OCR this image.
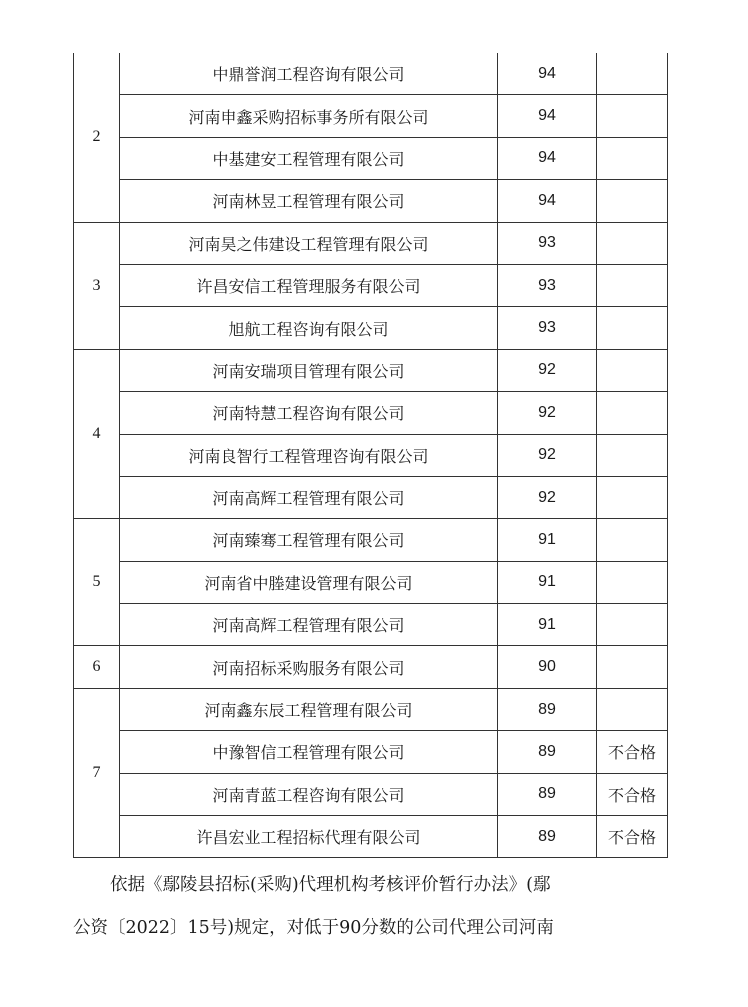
2	中鼎誉润工程咨询有限公司	94	
	河南申鑫采购招标事务所有限公司	94	
	中基建安工程管理有限公司	94	
	河南林昱工程管理有限公司	94	
3	河南昊之伟建设工程管理有限公司	93	
	许昌安信工程管理服务有限公司	93	
	旭航工程咨询有限公司	93	
4	河南安瑞项目管理有限公司	92	
	河南特慧工程咨询有限公司	92	
	河南良智行工程管理咨询有限公司	92	
	河南高辉工程管理有限公司	92	
5	河南臻骞工程管理有限公司	91	
	河南省中塍建设管理有限公司	91	
	河南高辉工程管理有限公司	91	
6	河南招标采购服务有限公司	90	
7	河南鑫东辰工程管理有限公司	89	
	中豫智信工程管理有限公司	89	不合格
	河南青蓝工程咨询有限公司	89	不合格
	许昌宏业工程招标代理有限公司	89	不合格
依据《鄢陵县招标(采购)代理机构考核评价暂行办法》(鄢
公资〔2022〕15号)规定，对低于90分数的公司代理公司河南
